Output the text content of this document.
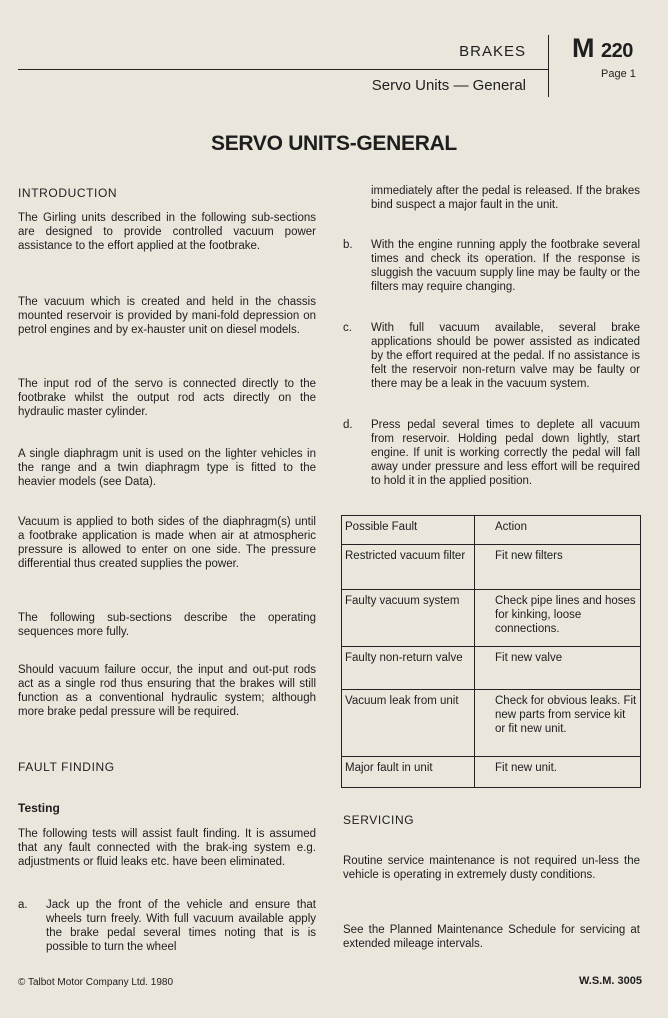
BRAKES
Servo Units — General
M 220
Page 1
SERVO UNITS-GENERAL

INTRODUCTION

The Girling units described in the following sub-sections are designed to provide controlled vacuum power assistance to the effort applied at the footbrake.

The vacuum which is created and held in the chassis mounted reservoir is provided by mani-fold depression on petrol engines and by ex-hauster unit on diesel models.

The input rod of the servo is connected directly to the footbrake whilst the output rod acts directly on the hydraulic master cylinder.

A single diaphragm unit is used on the lighter vehicles in the range and a twin diaphragm type is fitted to the heavier models (see Data).

Vacuum is applied to both sides of the diaphragm(s) until a footbrake application is made when air at atmospheric pressure is allowed to enter on one side. The pressure differential thus created supplies the power.

The following sub-sections describe the operating sequences more fully.

Should vacuum failure occur, the input and out-put rods act as a single rod thus ensuring that the brakes will still function as a conventional hydraulic system; although more brake pedal pressure will be required.

FAULT FINDING

Testing

The following tests will assist fault finding. It is assumed that any fault connected with the brak-ing system e.g. adjustments or fluid leaks etc. have been eliminated.

a. Jack up the front of the vehicle and ensure that wheels turn freely. With full vacuum available apply the brake pedal several times noting that is is possible to turn the wheel

immediately after the pedal is released. If the brakes bind suspect a major fault in the unit.

b. With the engine running apply the footbrake several times and check its operation. If the response is sluggish the vacuum supply line may be faulty or the filters may require changing.

c. With full vacuum available, several brake applications should be power assisted as indicated by the effort required at the pedal. If no assistance is felt the reservoir non-return valve may be faulty or there may be a leak in the vacuum system.

d. Press pedal several times to deplete all vacuum from reservoir. Holding pedal down lightly, start engine. If unit is working correctly the pedal will fall away under pressure and less effort will be required to hold it in the applied position.

SERVICING

Routine service maintenance is not required un-less the vehicle is operating in extremely dusty conditions.

See the Planned Maintenance Schedule for servicing at extended mileage intervals.

Possible Fault	Action
Restricted vacuum filter	Fit new filters
Faulty vacuum system	Check pipe lines and hoses for kinking, loose connections.
Faulty non-return valve	Fit new valve
Vacuum leak from unit	Check for obvious leaks. Fit new parts from service kit or fit new unit.
Major fault in unit	Fit new unit.
© Talbot Motor Company Ltd. 1980	W.S.M. 3005
